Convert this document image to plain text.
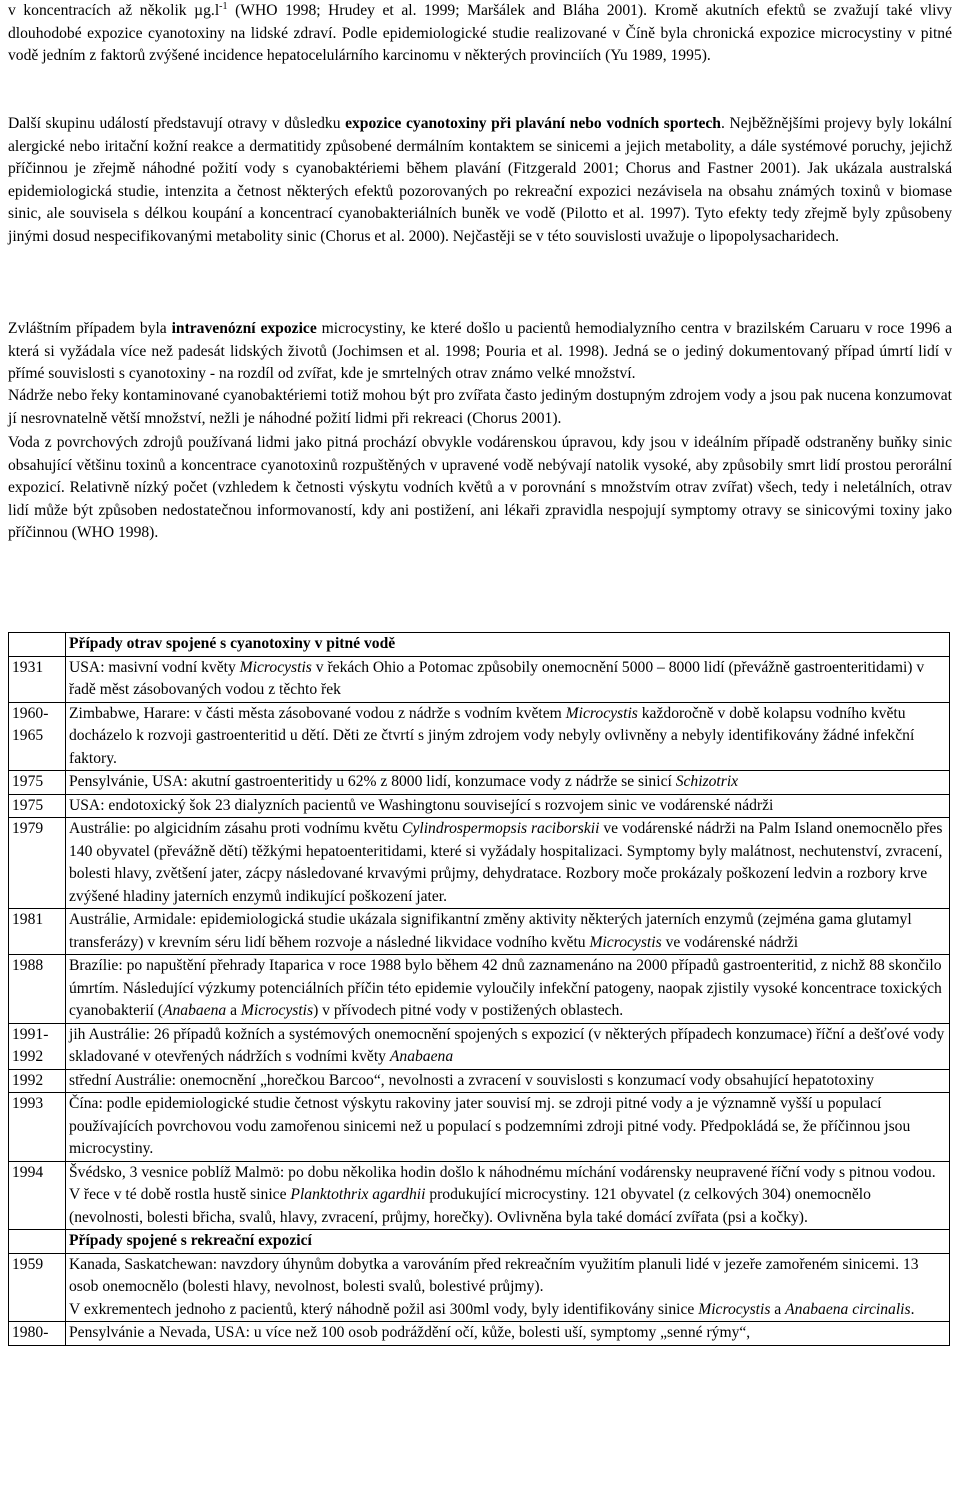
v koncentracích až několik $\mu g.l^{-1}$ (WHO 1998; Hrudey et al. 1999; Maršálek and Bláha 2001). Kromě akutních efektů se zvažují také vlivy dlouhodobé expozice cyanotoxiny na lidské zdraví. Podle epidemiologické studie realizované v Číně byla chronická expozice microcystiny v pitné vodě jedním z faktorů zvýšené incidence hepatocelulárního karcinomu v některých provinciích (Yu 1989, 1995).

Další skupinu událostí představují otravy v důsledku expozice cyanotoxiny při plavání nebo vodních sportech. Nejběžnějšími projevy byly lokální alergické nebo iritační kožní reakce a dermatitidy způsobené dermálním kontaktem se sinicemi a jejich metabolity, a dále systémové poruchy, jejichž příčinnou je zřejmě náhodné požití vody s cyanobaktériemi během plavání (Fitzgerald 2001; Chorus and Fastner 2001). Jak ukázala australská epidemiologická studie, intenzita a četnost některých efektů pozorovaných po rekreační expozici nezávisela na obsahu známých toxinů v biomase sinic, ale souvisela s délkou koupání a koncentrací cyanobakteriálních buněk ve vodě (Pilotto et al. 1997). Tyto efekty tedy zřejmě byly způsobeny jinými dosud nespecifikovanými metabolity sinic (Chorus et al. 2000). Nejčastěji se v této souvislosti uvažuje o lipopolysacharidech.

Zvláštním případem byla intravenózní expozice microcystiny, ke které došlo u pacientů hemodialyzního centra v brazilském Caruaru v roce 1996 a která si vyžádala více než padesát lidských životů (Jochimsen et al. 1998; Pouria et al. 1998). Jedná se o jediný dokumentovaný případ úmrtí lidí v přímé souvislosti s cyanotoxiny - na rozdíl od zvířat, kde je smrtelných otrav známo velké množství.

Nádrže nebo řeky kontaminované cyanobaktériemi totiž mohou být pro zvířata často jediným dostupným zdrojem vody a jsou pak nucena konzumovat jí nesrovnatelně větší množství, nežli je náhodné požití lidmi při rekreaci (Chorus 2001).

Voda z povrchových zdrojů používaná lidmi jako pitná prochází obvykle vodárenskou úpravou, kdy jsou v ideálním případě odstraněny buňky sinic obsahující většinu toxinů a koncentrace cyanotoxinů rozpuštěných v upravené vodě nebývají natolik vysoké, aby způsobily smrt lidí prostou perorální expozicí. Relativně nízký počet (vzhledem k četnosti výskytu vodních květů a v porovnání s množstvím otrav zvířat) všech, tedy i neletálních, otrav lidí může být způsoben nedostatečnou informovaností, kdy ani postižení, ani lékaři zpravidla nespojují symptomy otravy se sinicovými toxiny jako příčinnou (WHO 1998).

	Případy otrav spojené s cyanotoxiny v pitné vodě
1931	USA: masivní vodní květy Microcystis v řekách Ohio a Potomac způsobily onemocnění 5000 – 8000 lidí (převážně gastroenteritidami) v řadě měst zásobovaných vodou z těchto řek
1960-1965	Zimbabwe, Harare: v části města zásobované vodou z nádrže s vodním květem Microcystis každoročně v době kolapsu vodního květu docházelo k rozvoji gastroenteritid u dětí. Děti ze čtvrtí s jiným zdrojem vody nebyly ovlivněny a nebyly identifikovány žádné infekční faktory.
1975	Pensylvánie, USA: akutní gastroenteritidy u 62% z 8000 lidí, konzumace vody z nádrže se sinicí Schizotrix
1975	USA: endotoxický šok 23 dialyzních pacientů ve Washingtonu související s rozvojem sinic ve vodárenské nádrži
1979	Austrálie: po algicidním zásahu proti vodnímu květu Cylindrospermopsis raciborskii ve vodárenské nádrži na Palm Island onemocnělo přes 140 obyvatel (převážně dětí) těžkými hepatoenteritidami, které si vyžádaly hospitalizaci. Symptomy byly malátnost, nechutenství, zvracení, bolesti hlavy, zvětšení jater, zácpy následované krvavými průjmy, dehydratace. Rozbory moče prokázaly poškození ledvin a rozbory krve zvýšené hladiny jaterních enzymů indikující poškození jater.
1981	Austrálie, Armidale: epidemiologická studie ukázala signifikantní změny aktivity některých jaterních enzymů (zejména gama glutamyl transferázy) v krevním séru lidí během rozvoje a následné likvidace vodního květu Microcystis ve vodárenské nádrži
1988	Brazílie: po napuštění přehrady Itaparica v roce 1988 bylo během 42 dnů zaznamenáno na 2000 případů gastroenteritid, z nichž 88 skončilo úmrtím. Následující výzkumy potenciálních příčin této epidemie vyloučily infekční patogeny, naopak zjistily vysoké koncentrace toxických cyanobakterií (Anabaena a Microcystis) v přívodech pitné vody v postižených oblastech.
1991-1992	jih Austrálie: 26 případů kožních a systémových onemocnění spojených s expozicí (v některých případech konzumace) říční a dešťové vody skladované v otevřených nádržích s vodními květy Anabaena
1992	střední Austrálie: onemocnění „horečkou Barcoo“, nevolnosti a zvracení v souvislosti s konzumací vody obsahující hepatotoxiny
1993	Čína: podle epidemiologické studie četnost výskytu rakoviny jater souvisí mj. se zdroji pitné vody a je významně vyšší u populací používajících povrchovou vodu zamořenou sinicemi než u populací s podzemními zdroji pitné vody. Předpokládá se, že příčinnou jsou microcystiny.
1994	Švédsko, 3 vesnice poblíž Malmö: po dobu několika hodin došlo k náhodnému míchání vodárensky neupravené říční vody s pitnou vodou. V řece v té době rostla hustě sinice Planktothrix agardhii produkující microcystiny. 121 obyvatel (z celkových 304) onemocnělo (nevolnosti, bolesti břicha, svalů, hlavy, zvracení, průjmy, horečky). Ovlivněna byla také domácí zvířata (psi a kočky).
	Případy spojené s rekreační expozicí
1959	Kanada, Saskatchewan: navzdory úhynům dobytka a varováním před rekreačním využitím planuli lidé v jezeře zamořeném sinicemi. 13 osob onemocnělo (bolesti hlavy, nevolnost, bolesti svalů, bolestivé průjmy).
V exkrementech jednoho z pacientů, který náhodně požil asi 300ml vody, byly identifikovány sinice Microcystis a Anabaena circinalis.
1980-	Pensylvánie a Nevada, USA: u více než 100 osob podráždění očí, kůže, bolesti uší, symptomy „senné rýmy“,
